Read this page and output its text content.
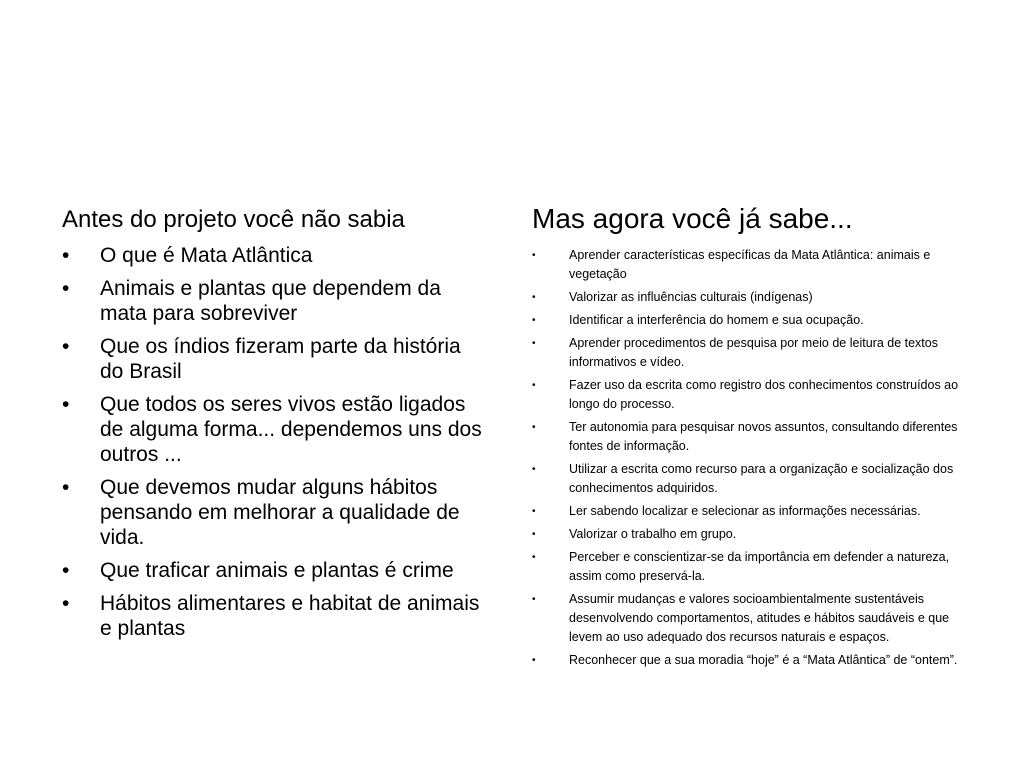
Antes do projeto você não sabia
•	O que é Mata Atlântica
•	Animais e plantas que dependem da mata para sobreviver
•	Que os índios fizeram parte da história do Brasil
•	Que todos os seres vivos estão ligados de alguma forma... dependemos uns dos outros ...
•	Que devemos mudar alguns hábitos pensando em melhorar a qualidade de vida.
•	Que traficar animais e plantas é crime
•	Hábitos alimentares e habitat de animais e plantas
Mas agora você já sabe...
•	Aprender características específicas da Mata Atlântica: animais e vegetação
•	Valorizar as influências culturais (indígenas)
•	Identificar a interferência do homem e sua ocupação.
•	Aprender procedimentos de pesquisa por meio de leitura de textos informativos e vídeo.
•	Fazer uso da escrita como registro dos conhecimentos construídos ao longo do processo.
•	Ter autonomia para pesquisar novos assuntos, consultando diferentes fontes de informação.
•	Utilizar a escrita como recurso para a organização e socialização dos conhecimentos adquiridos.
•	Ler sabendo localizar e selecionar as informações necessárias.
•	Valorizar o trabalho em grupo.
•	Perceber e conscientizar-se da importância em defender a natureza, assim como preservá-la.
•	Assumir mudanças e valores socioambientalmente sustentáveis desenvolvendo comportamentos, atitudes e hábitos saudáveis e que levem ao uso adequado dos recursos naturais e espaços.
•	Reconhecer que a sua moradia “hoje” é a “Mata Atlântica” de “ontem”.
